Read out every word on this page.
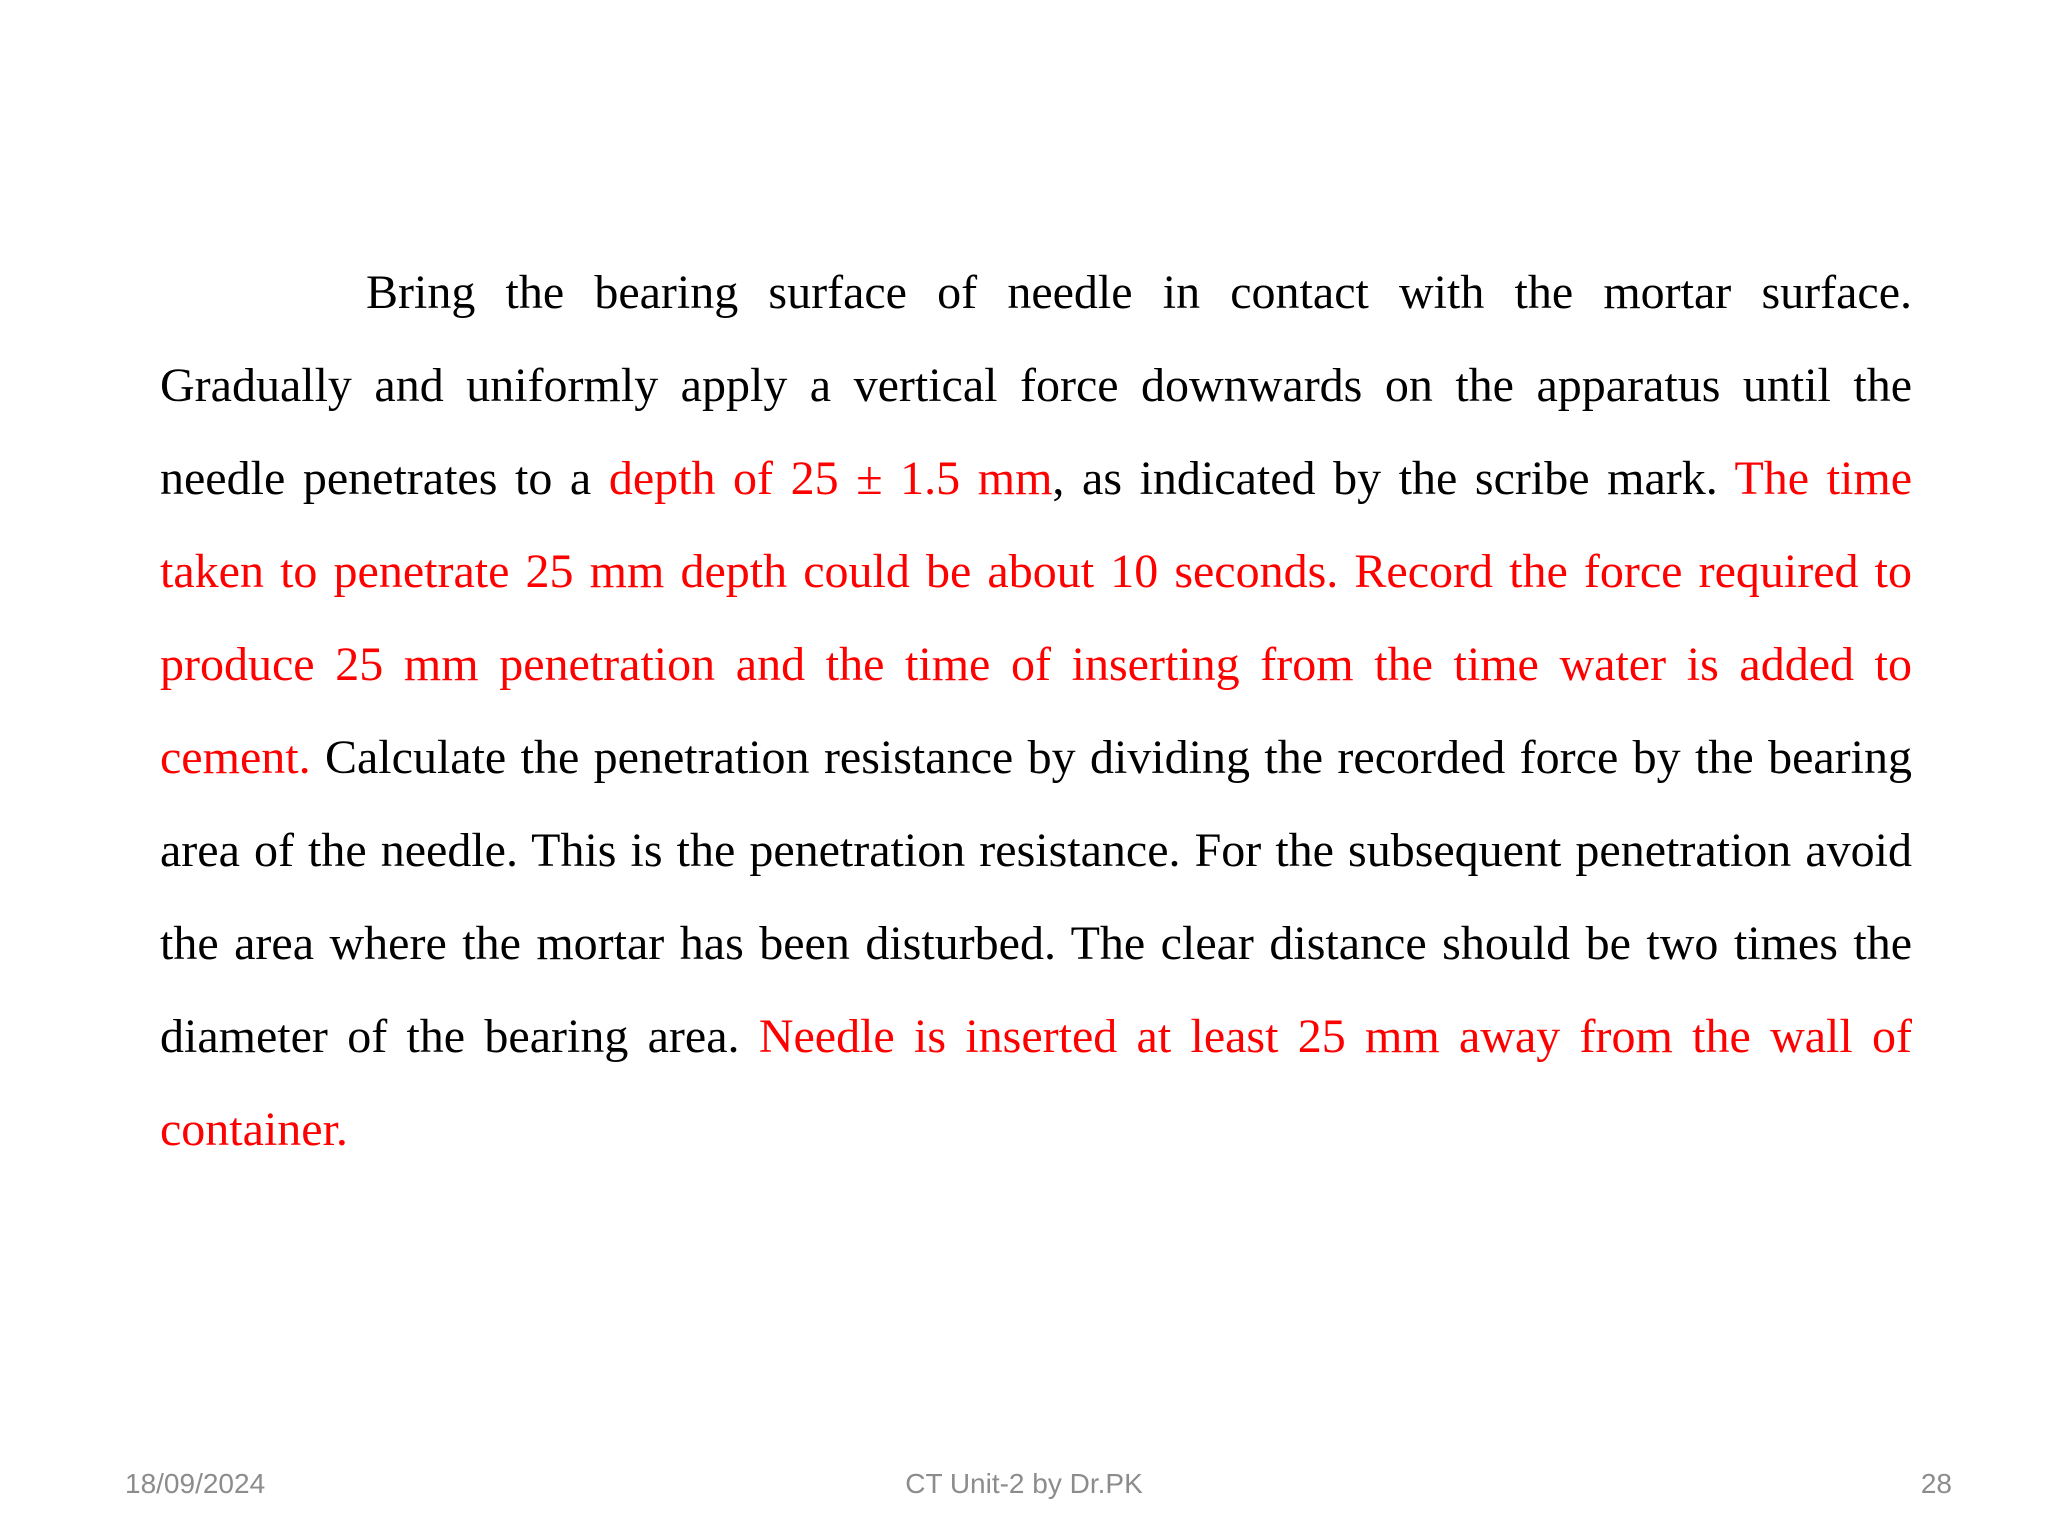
Bring the bearing surface of needle in contact with the mortar surface. Gradually and uniformly apply a vertical force downwards on the apparatus until the needle penetrates to a depth of 25 ± 1.5 mm, as indicated by the scribe mark. The time taken to penetrate 25 mm depth could be about 10 seconds. Record the force required to produce 25 mm penetration and the time of inserting from the time water is added to cement. Calculate the penetration resistance by dividing the recorded force by the bearing area of the needle. This is the penetration resistance. For the subsequent penetration avoid the area where the mortar has been disturbed. The clear distance should be two times the diameter of the bearing area. Needle is inserted at least 25 mm away from the wall of container.

18/09/2024	CT Unit-2 by Dr.PK	28
